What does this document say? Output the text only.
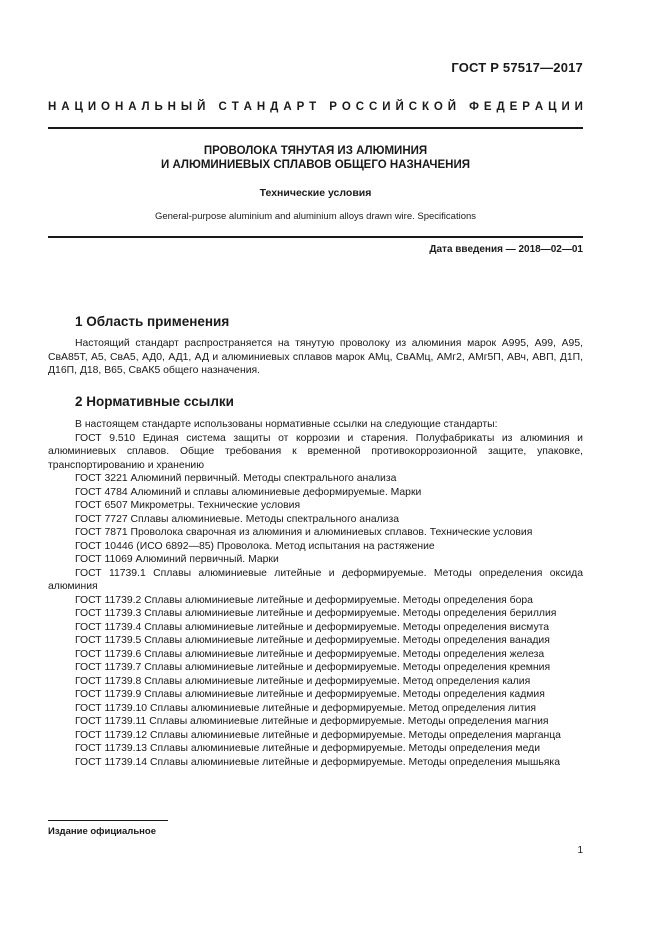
ГОСТ Р 57517—2017
Н А Ц И О Н А Л Ь Н Ы Й
С Т А Н Д А Р Т
Р О С С И Й С К О Й
Ф Е Д Е Р А Ц И И
ПРОВОЛОКА ТЯНУТАЯ ИЗ АЛЮМИНИЯ
И АЛЮМИНИЕВЫХ СПЛАВОВ ОБЩЕГО НАЗНАЧЕНИЯ
Технические условия
General-purpose aluminium and aluminium alloys drawn wire. Specifications
Дата введения — 2018—02—01
1 Область применения
Настоящий стандарт распространяется на тянутую проволоку из алюминия марок А995, А99, А95, СвА85Т, А5, СвА5, АД0, АД1, АД и алюминиевых сплавов марок АМц, СвАМц, АМг2, АМг5П, АВч, АВП, Д1П, Д16П, Д18, В65, СвАК5 общего назначения.
2 Нормативные ссылки
В настоящем стандарте использованы нормативные ссылки на следующие стандарты:
ГОСТ 9.510 Единая система защиты от коррозии и старения. Полуфабрикаты из алюминия и алюминиевых сплавов. Общие требования к временной противокоррозионной защите, упаковке, транспортированию и хранению
ГОСТ 3221 Алюминий первичный. Методы спектрального анализа
ГОСТ 4784 Алюминий и сплавы алюминиевые деформируемые. Марки
ГОСТ 6507 Микрометры. Технические условия
ГОСТ 7727 Сплавы алюминиевые. Методы спектрального анализа
ГОСТ 7871 Проволока сварочная из алюминия и алюминиевых сплавов. Технические условия
ГОСТ 10446 (ИСО 6892—85) Проволока. Метод испытания на растяжение
ГОСТ 11069 Алюминий первичный. Марки
ГОСТ 11739.1 Сплавы алюминиевые литейные и деформируемые. Методы определения оксида алюминия
ГОСТ 11739.2 Сплавы алюминиевые литейные и деформируемые. Методы определения бора
ГОСТ 11739.3 Сплавы алюминиевые литейные и деформируемые. Методы определения бериллия
ГОСТ 11739.4 Сплавы алюминиевые литейные и деформируемые. Методы определения висмута
ГОСТ 11739.5 Сплавы алюминиевые литейные и деформируемые. Методы определения ванадия
ГОСТ 11739.6 Сплавы алюминиевые литейные и деформируемые. Методы определения железа
ГОСТ 11739.7 Сплавы алюминиевые литейные и деформируемые. Методы определения кремния
ГОСТ 11739.8 Сплавы алюминиевые литейные и деформируемые. Метод определения калия
ГОСТ 11739.9 Сплавы алюминиевые литейные и деформируемые. Методы определения кадмия
ГОСТ 11739.10 Сплавы алюминиевые литейные и деформируемые. Метод определения лития
ГОСТ 11739.11 Сплавы алюминиевые литейные и деформируемые. Методы определения магния
ГОСТ 11739.12 Сплавы алюминиевые литейные и деформируемые. Методы определения марганца
ГОСТ 11739.13 Сплавы алюминиевые литейные и деформируемые. Методы определения меди
ГОСТ 11739.14 Сплавы алюминиевые литейные и деформируемые. Методы определения мышьяка
Издание официальное
1
